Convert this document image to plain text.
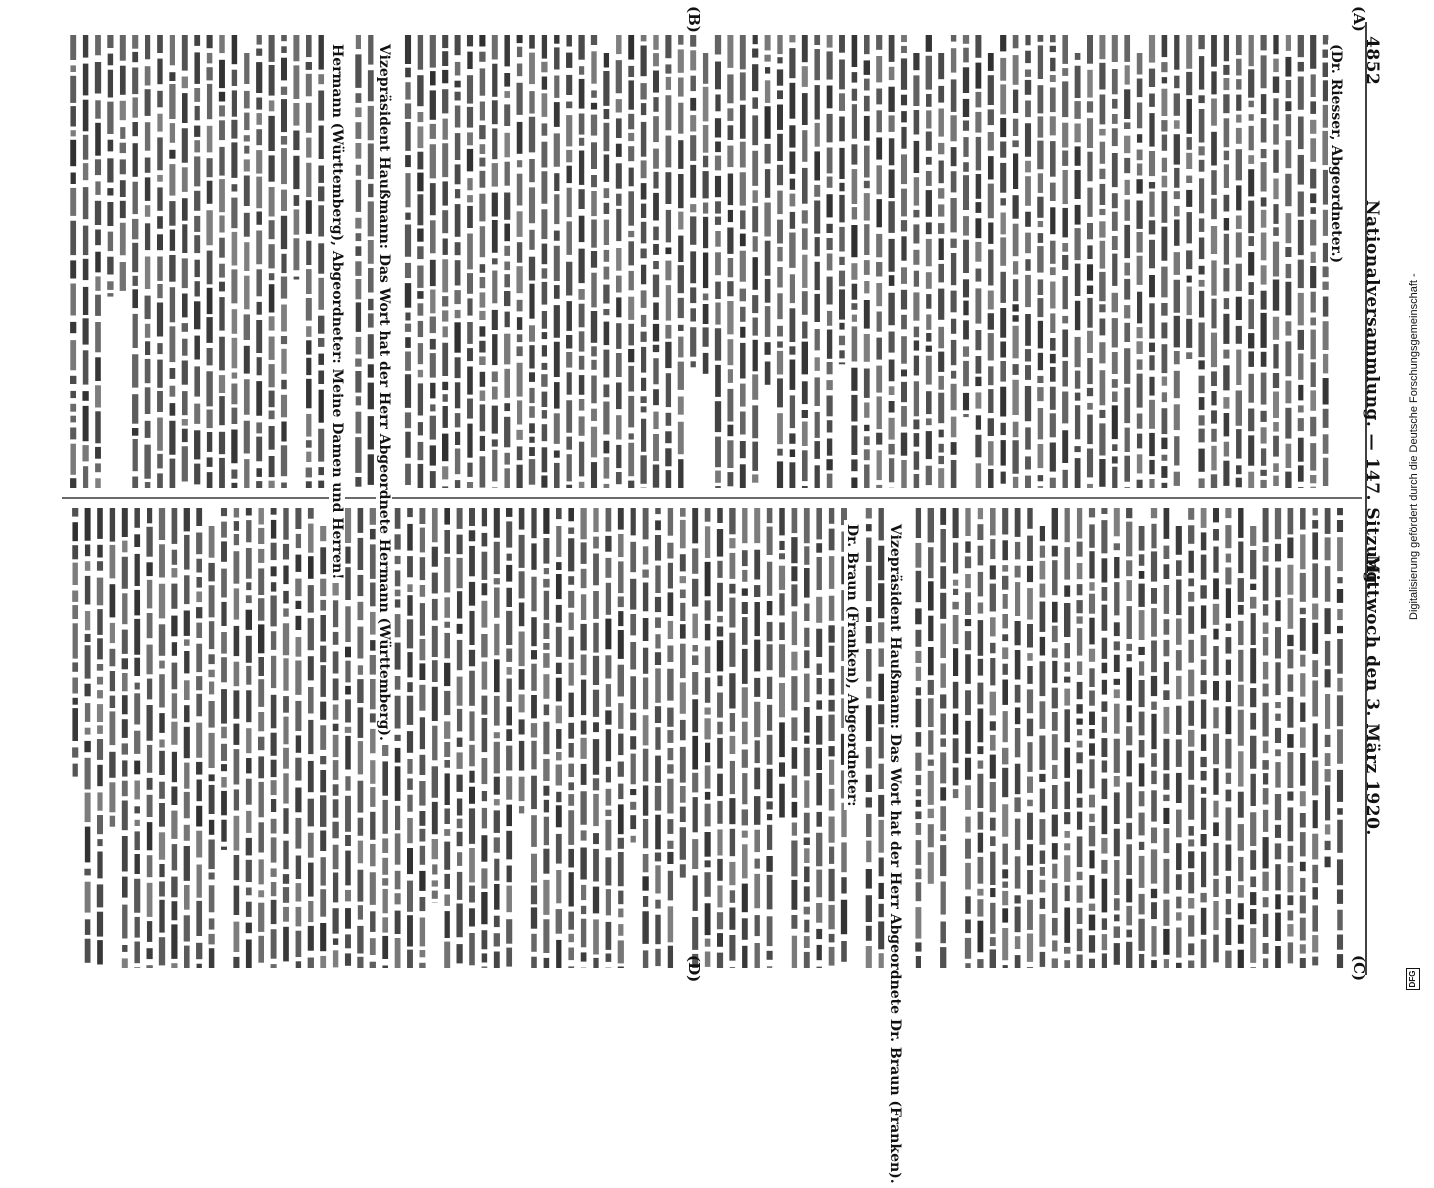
4852
Nationalversammlung. — 147. Sitzung.
Mittwoch den 3. März 1920.
(A)
(B)
(C)
(D)
(Dr. Riesser, Abgeordneter.)
Vizepräsident Haußmann: Das Wort hat der Herr Abgeordnete Hermann (Württemberg).
Hermann (Württemberg), Abgeordneter: Meine Damen und Herren!
Vizepräsident Haußmann: Das Wort hat der Herr Abgeordnete Dr. Braun (Franken).
Dr. Braun (Franken), Abgeordneter:
Digitalisierung gefördert durch die Deutsche Forschungsgemeinschaft -
DFG
